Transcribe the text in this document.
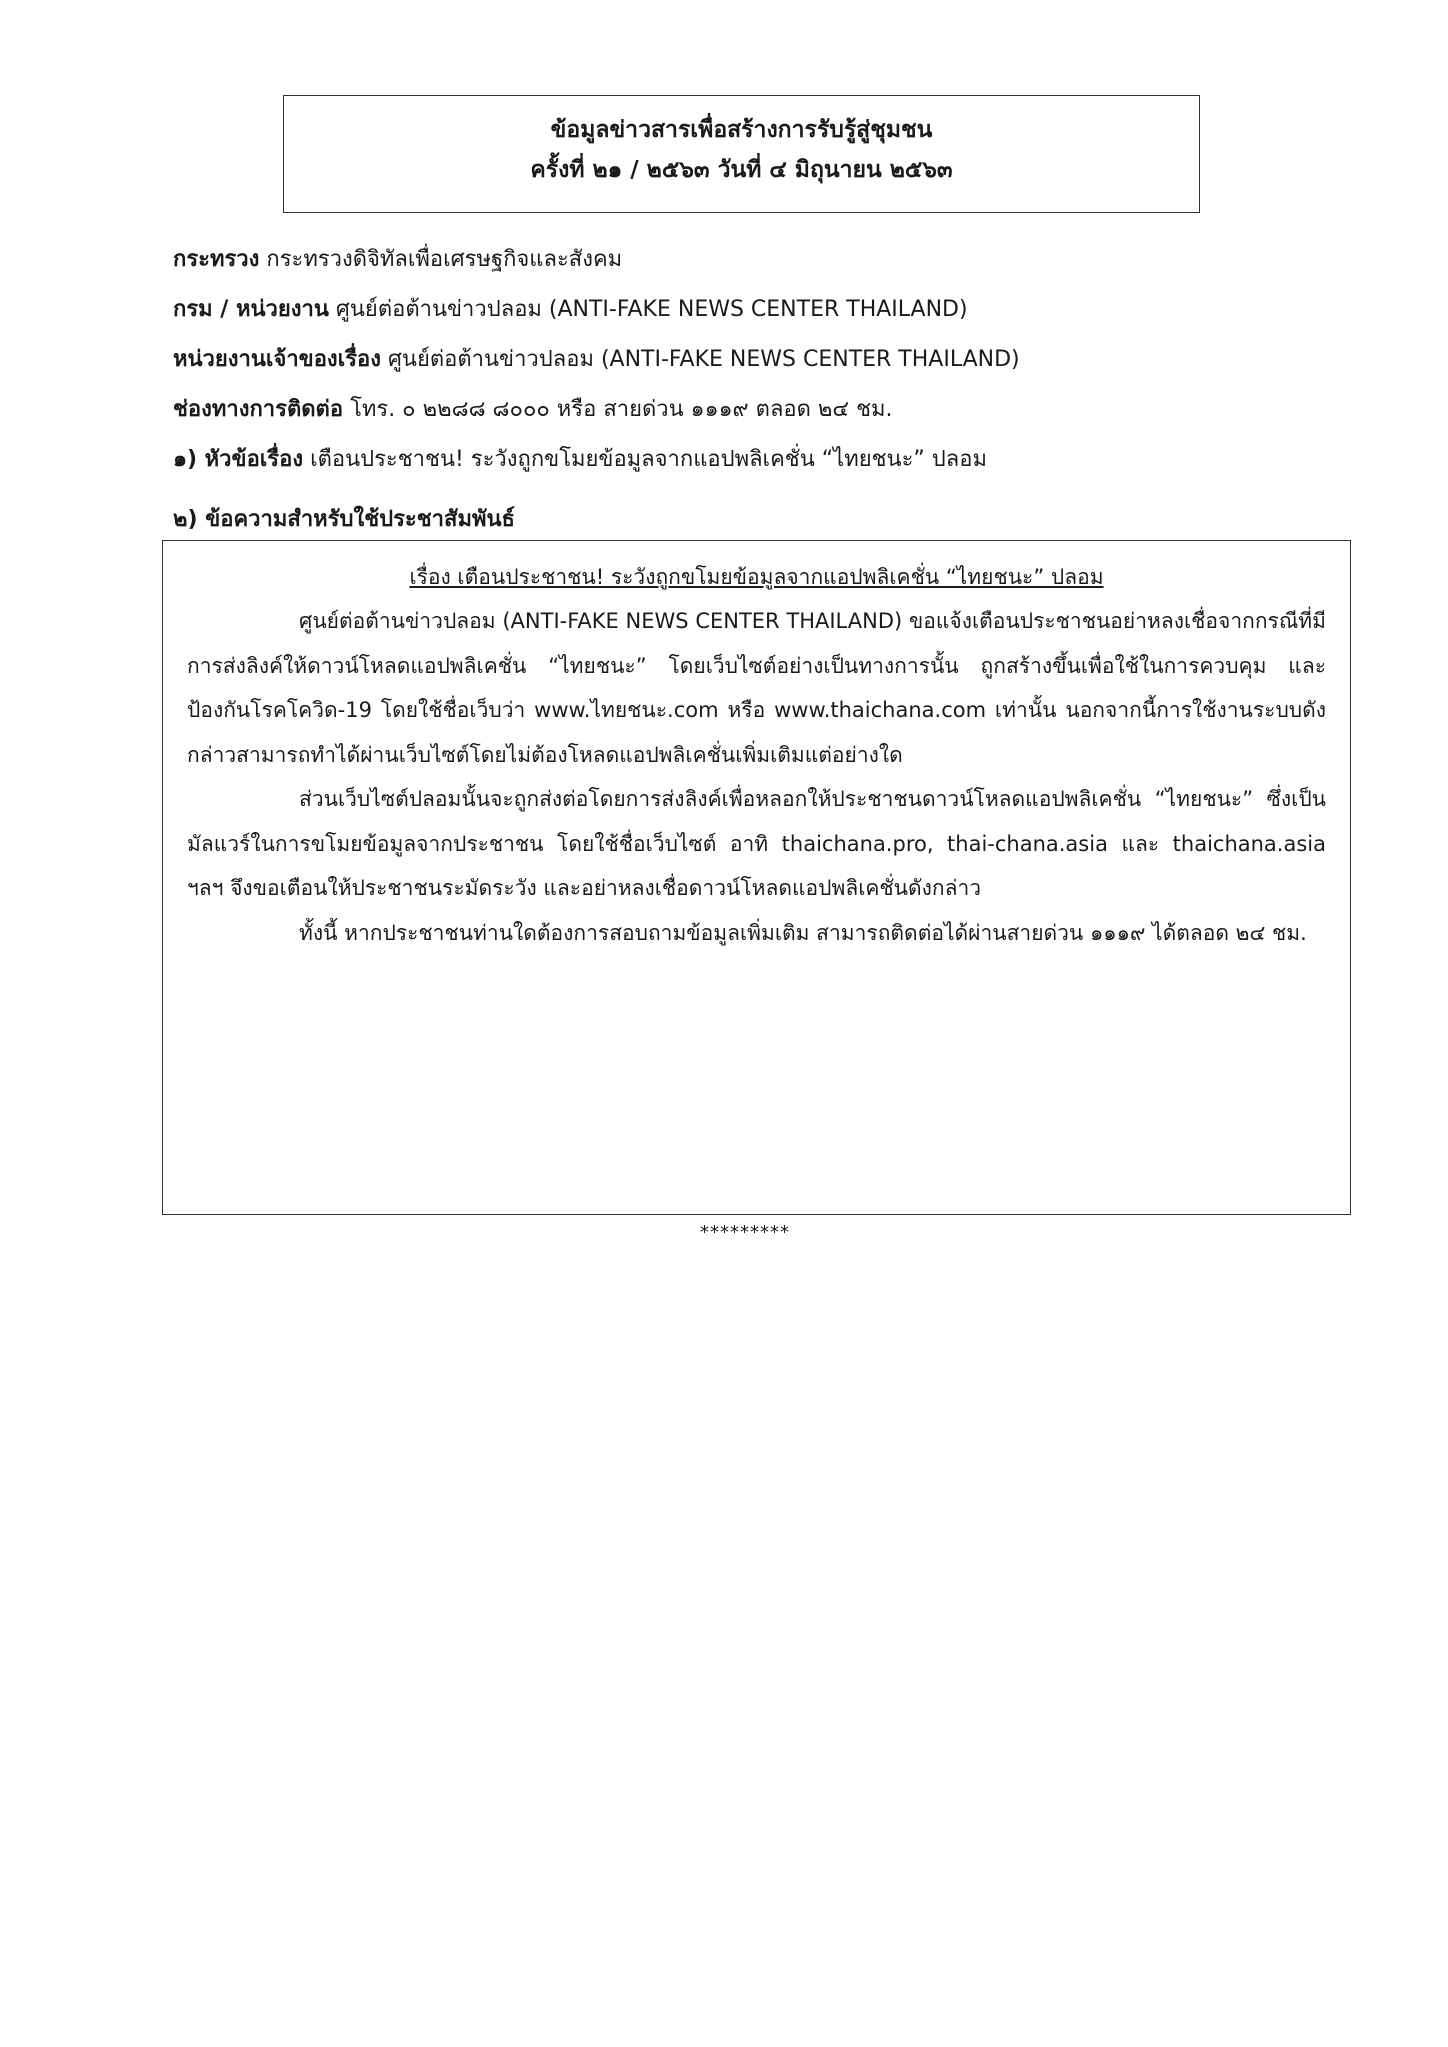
ข้อมูลข่าวสารเพื่อสร้างการรับรู้สู่ชุมชน
ครั้งที่ ๒๑ / ๒๕๖๓ วันที่ ๔ มิถุนายน ๒๕๖๓
กระทรวง กระทรวงดิจิทัลเพื่อเศรษฐกิจและสังคม
กรม / หน่วยงาน ศูนย์ต่อต้านข่าวปลอม (ANTI-FAKE NEWS CENTER THAILAND)
หน่วยงานเจ้าของเรื่อง ศูนย์ต่อต้านข่าวปลอม (ANTI-FAKE NEWS CENTER THAILAND)
ช่องทางการติดต่อ โทร. ๐ ๒๒๘๘ ๘๐๐๐ หรือ สายด่วน ๑๑๑๙ ตลอด ๒๔ ชม.
๑) หัวข้อเรื่อง เตือนประชาชน! ระวังถูกขโมยข้อมูลจากแอปพลิเคชั่น “ไทยชนะ” ปลอม
๒) ข้อความสำหรับใช้ประชาสัมพันธ์
เรื่อง เตือนประชาชน! ระวังถูกขโมยข้อมูลจากแอปพลิเคชั่น “ไทยชนะ” ปลอม

ศูนย์ต่อต้านข่าวปลอม (ANTI-FAKE NEWS CENTER THAILAND) ขอแจ้งเตือนประชาชนอย่าหลงเชื่อจากกรณีที่มีการส่งลิงค์ให้ดาวน์โหลดแอปพลิเคชั่น “ไทยชนะ” โดยเว็บไซต์อย่างเป็นทางการนั้น ถูกสร้างขึ้นเพื่อใช้ในการควบคุม และป้องกันโรคโควิด-19 โดยใช้ชื่อเว็บว่า www.ไทยชนะ.com หรือ www.thaichana.com เท่านั้น นอกจากนี้การใช้งานระบบดังกล่าวสามารถทำได้ผ่านเว็บไซต์โดยไม่ต้องโหลดแอปพลิเคชั่นเพิ่มเติมแต่อย่างใด

ส่วนเว็บไซต์ปลอมนั้นจะถูกส่งต่อโดยการส่งลิงค์เพื่อหลอกให้ประชาชนดาวน์โหลดแอปพลิเคชั่น “ไทยชนะ” ซึ่งเป็นมัลแวร์ในการขโมยข้อมูลจากประชาชน โดยใช้ชื่อเว็บไซต์ อาทิ thaichana.pro, thai-chana.asia และ thaichana.asia ฯลฯ จึงขอเตือนให้ประชาชนระมัดระวัง และอย่าหลงเชื่อดาวน์โหลดแอปพลิเคชั่นดังกล่าว

ทั้งนี้ หากประชาชนท่านใดต้องการสอบถามข้อมูลเพิ่มเติม สามารถติดต่อได้ผ่านสายด่วน ๑๑๑๙ ได้ตลอด ๒๔ ชม.

*********
